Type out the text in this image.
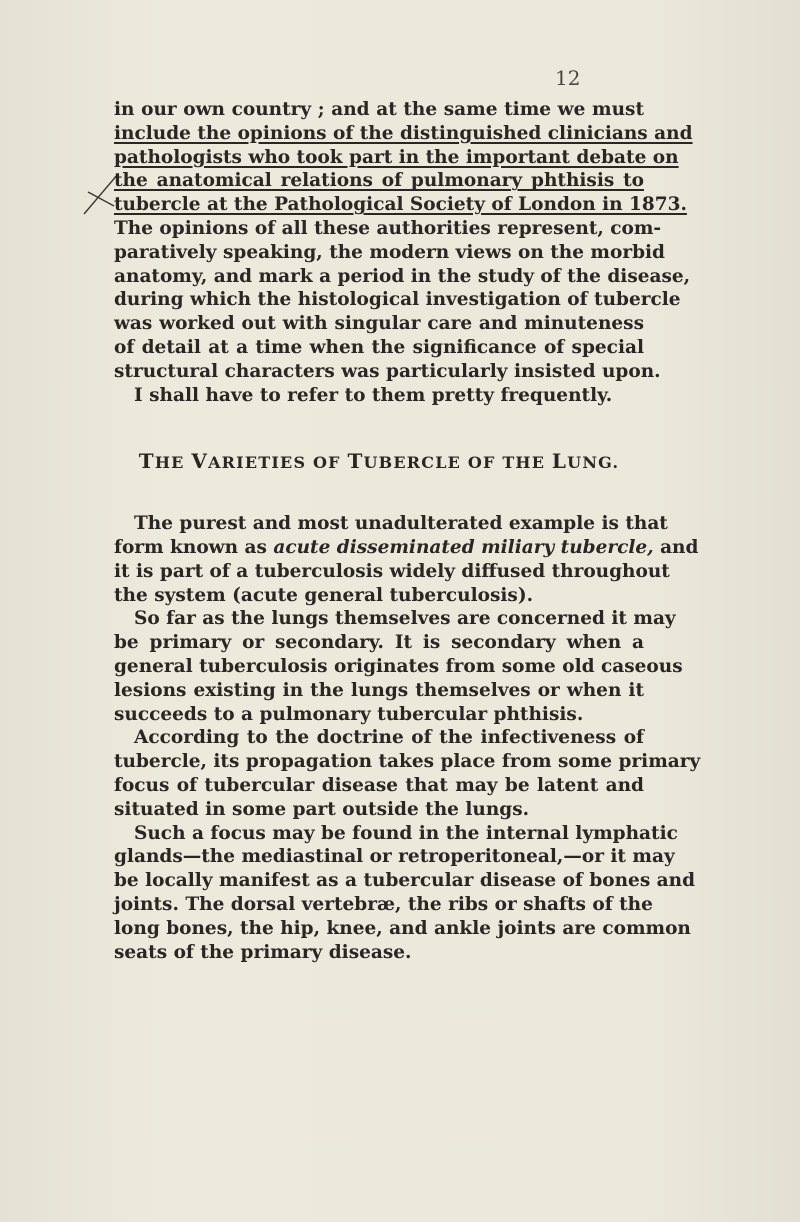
12
in our own country ; and at the same time we must
include the opinions of the distinguished clinicians and
pathologists who took part in the important debate on
the anatomical relations of pulmonary phthisis to
tubercle at the Pathological Society of London in 1873.
The opinions of all these authorities represent, com-
paratively speaking, the modern views on the morbid
anatomy, and mark a period in the study of the disease,
during which the histological investigation of tubercle
was worked out with singular care and minuteness
of detail at a time when the significance of special
structural characters was particularly insisted upon.
I shall have to refer to them pretty frequently.
THE VARIETIES OF TUBERCLE OF THE LUNG.
The purest and most unadulterated example is that
form known as acute disseminated miliary tubercle, and
it is part of a tuberculosis widely diffused throughout
the system (acute general tuberculosis).
So far as the lungs themselves are concerned it may
be primary or secondary. It is secondary when a
general tuberculosis originates from some old caseous
lesions existing in the lungs themselves or when it
succeeds to a pulmonary tubercular phthisis.
According to the doctrine of the infectiveness of
tubercle, its propagation takes place from some primary
focus of tubercular disease that may be latent and
situated in some part outside the lungs.
Such a focus may be found in the internal lymphatic
glands—the mediastinal or retroperitoneal,—or it may
be locally manifest as a tubercular disease of bones and
joints. The dorsal vertebræ, the ribs or shafts of the
long bones, the hip, knee, and ankle joints are common
seats of the primary disease.
